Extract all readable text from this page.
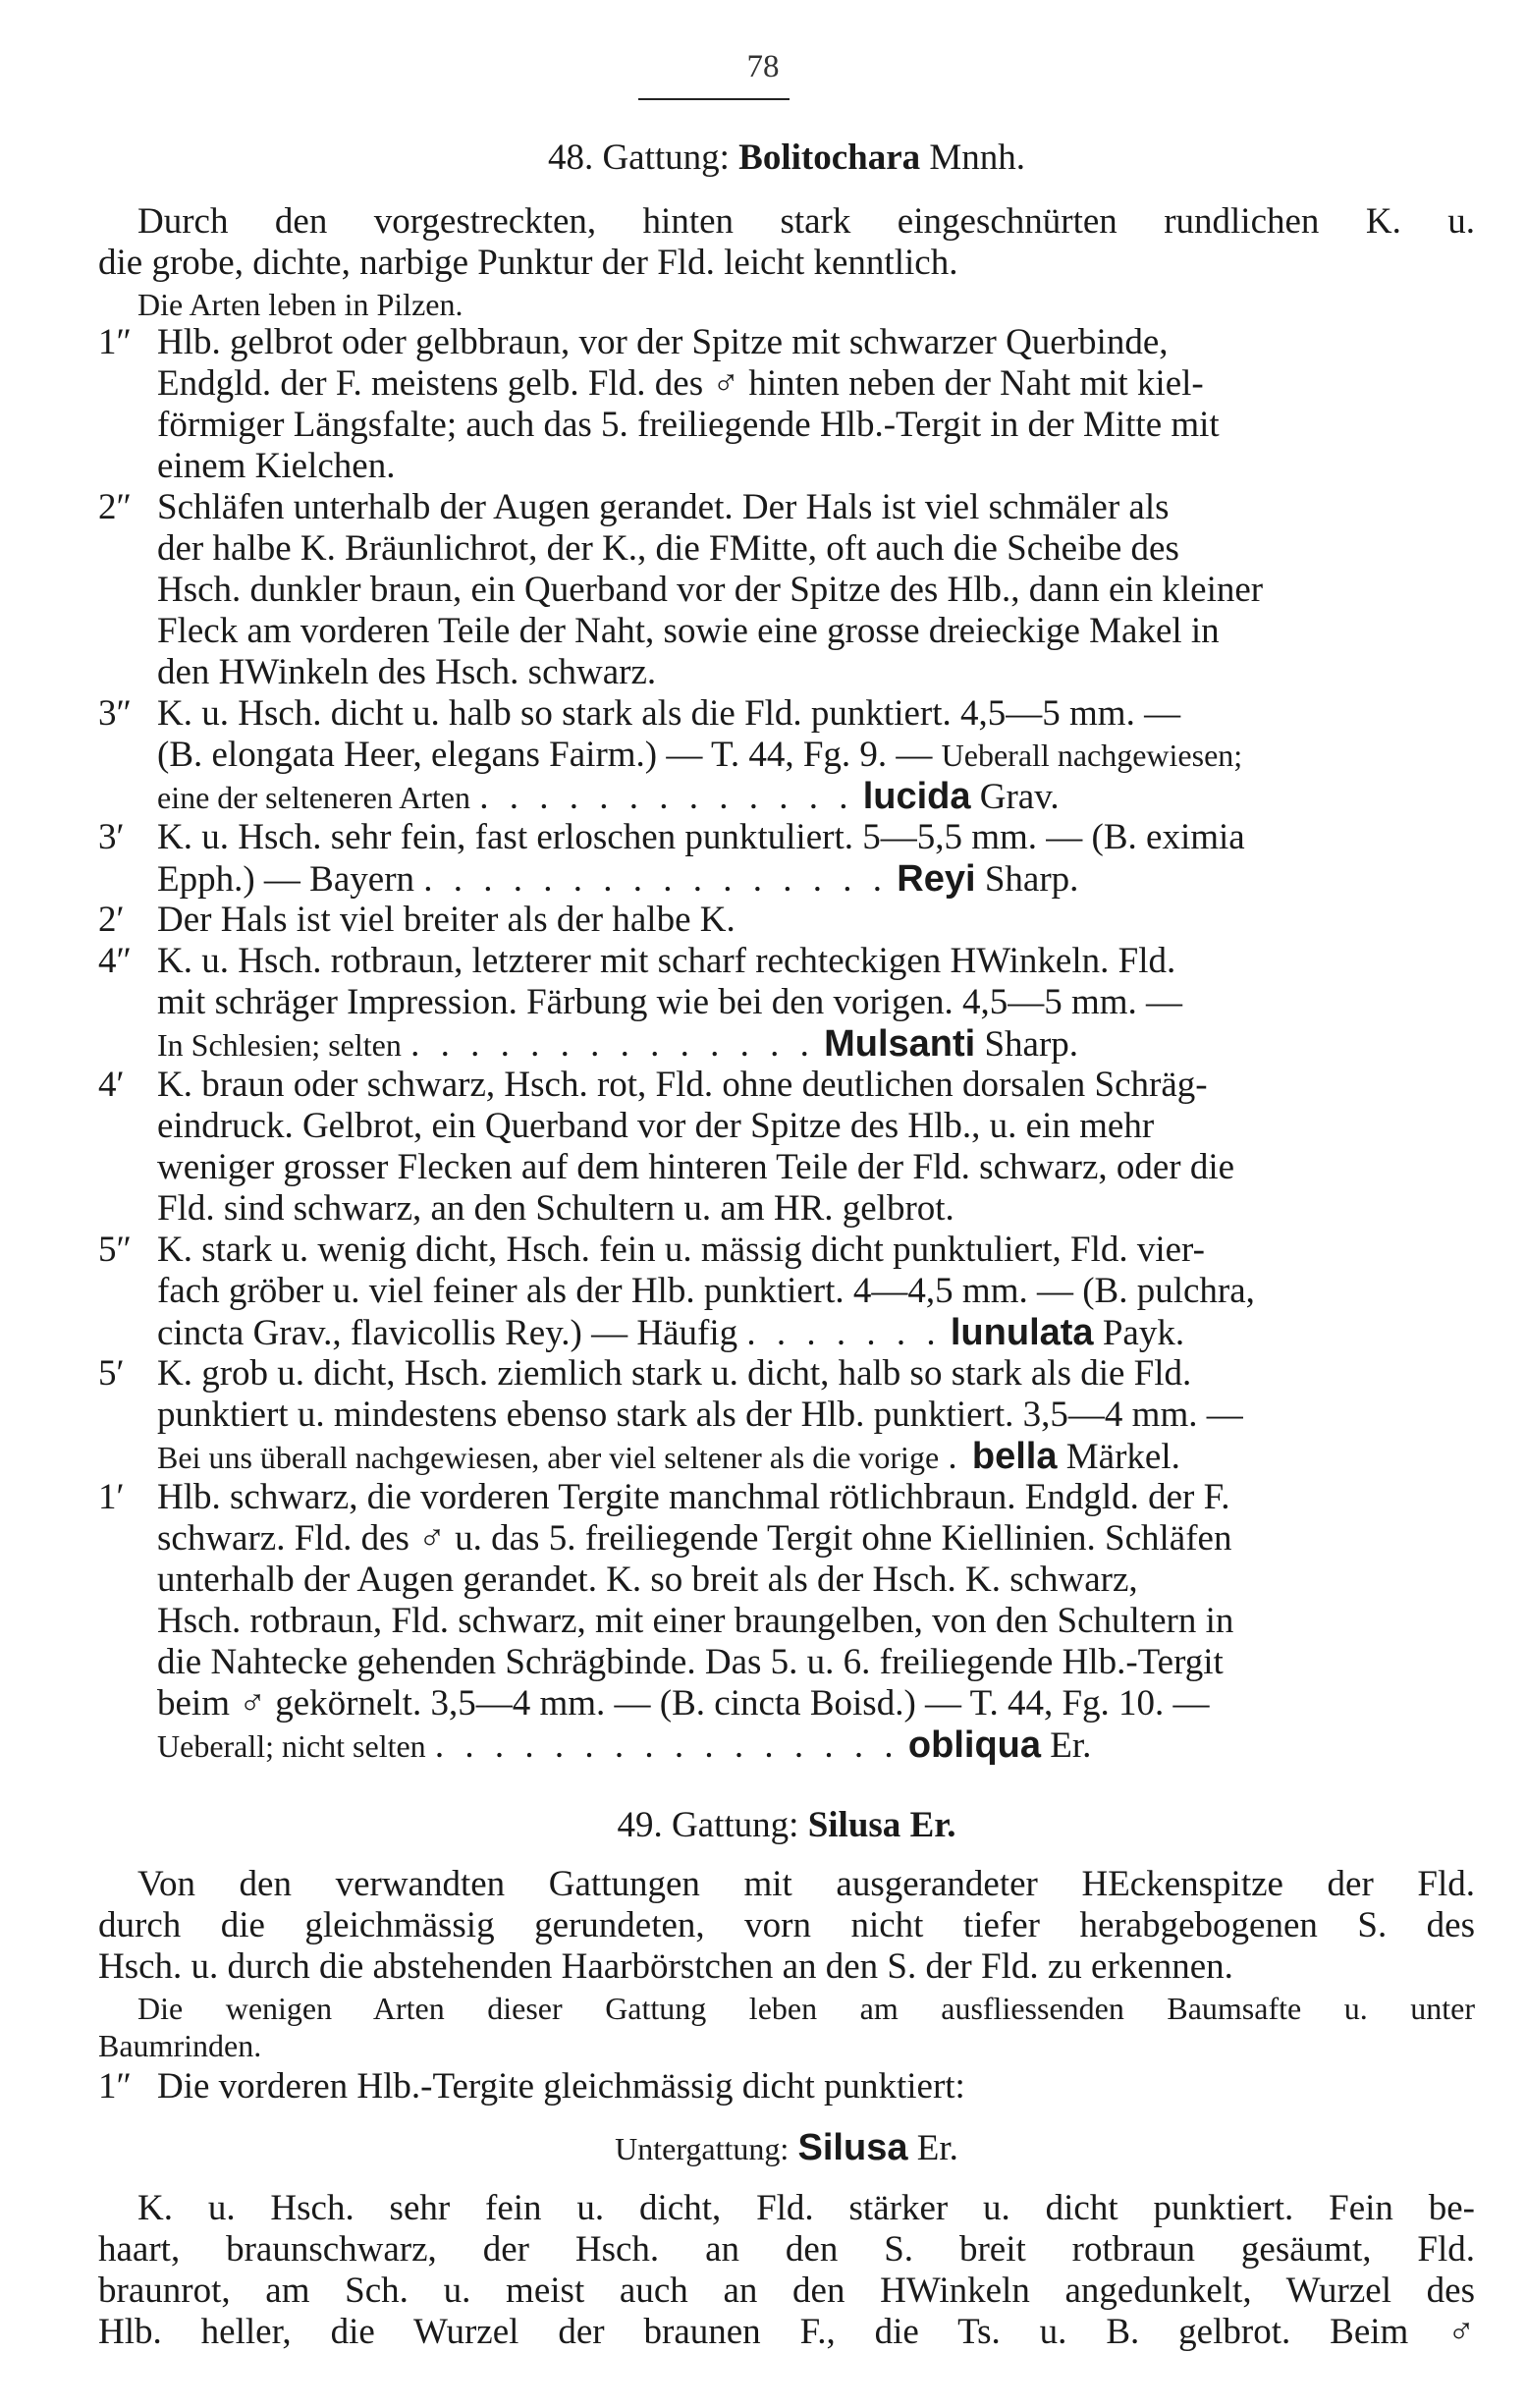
78
48. Gattung: Bolitochara Mnnh.
Durch den vorgestreckten, hinten stark eingeschnürten rundlichen K. u.
die grobe, dichte, narbige Punktur der Fld. leicht kenntlich.
Die Arten leben in Pilzen.
1″ Hlb. gelbrot oder gelbbraun, vor der Spitze mit schwarzer Querbinde,
Endgld. der F. meistens gelb. Fld. des ♂ hinten neben der Naht mit kiel-
förmiger Längsfalte; auch das 5. freiliegende Hlb.-Tergit in der Mitte mit
einem Kielchen.
2″ Schläfen unterhalb der Augen gerandet. Der Hals ist viel schmäler als
der halbe K. Bräunlichrot, der K., die FMitte, oft auch die Scheibe des
Hsch. dunkler braun, ein Querband vor der Spitze des Hlb., dann ein kleiner
Fleck am vorderen Teile der Naht, sowie eine grosse dreieckige Makel in
den HWinkeln des Hsch. schwarz.
3″ K. u. Hsch. dicht u. halb so stark als die Fld. punktiert. 4,5—5 mm. —
(B. elongata Heer, elegans Fairm.) — T. 44, Fg. 9. — Ueberall nachgewiesen;
eine der selteneren Arten . . . . . . . . . . . . . lucida Grav.
3′ K. u. Hsch. sehr fein, fast erloschen punktuliert. 5—5,5 mm. — (B. eximia
Epph.) — Bayern . . . . . . . . . . . . . . . . Reyi Sharp.
2′ Der Hals ist viel breiter als der halbe K.
4″ K. u. Hsch. rotbraun, letzterer mit scharf rechteckigen HWinkeln. Fld.
mit schräger Impression. Färbung wie bei den vorigen. 4,5—5 mm. —
In Schlesien; selten . . . . . . . . . . . . . . Mulsanti Sharp.
4′ K. braun oder schwarz, Hsch. rot, Fld. ohne deutlichen dorsalen Schräg-
eindruck. Gelbrot, ein Querband vor der Spitze des Hlb., u. ein mehr
weniger grosser Flecken auf dem hinteren Teile der Fld. schwarz, oder die
Fld. sind schwarz, an den Schultern u. am HR. gelbrot.
5″ K. stark u. wenig dicht, Hsch. fein u. mässig dicht punktuliert, Fld. vier-
fach gröber u. viel feiner als der Hlb. punktiert. 4—4,5 mm. — (B. pulchra,
cincta Grav., flavicollis Rey.) — Häufig . . . . . . . lunulata Payk.
5′ K. grob u. dicht, Hsch. ziemlich stark u. dicht, halb so stark als die Fld.
punktiert u. mindestens ebenso stark als der Hlb. punktiert. 3,5—4 mm. —
Bei uns überall nachgewiesen, aber viel seltener als die vorige . bella Märkel.
1′ Hlb. schwarz, die vorderen Tergite manchmal rötlichbraun. Endgld. der F.
schwarz. Fld. des ♂ u. das 5. freiliegende Tergit ohne Kiellinien. Schläfen
unterhalb der Augen gerandet. K. so breit als der Hsch. K. schwarz,
Hsch. rotbraun, Fld. schwarz, mit einer braungelben, von den Schultern in
die Nahtecke gehenden Schrägbinde. Das 5. u. 6. freiliegende Hlb.-Tergit
beim ♂ gekörnelt. 3,5—4 mm. — (B. cincta Boisd.) — T. 44, Fg. 10. —
Ueberall; nicht selten . . . . . . . . . . . . . . . . obliqua Er.
49. Gattung: Silusa Er.
Von den verwandten Gattungen mit ausgerandeter HEckenspitze der Fld.
durch die gleichmässig gerundeten, vorn nicht tiefer herabgebogenen S. des
Hsch. u. durch die abstehenden Haarbörstchen an den S. der Fld. zu erkennen.
Die wenigen Arten dieser Gattung leben am ausfliessenden Baumsafte u. unter
Baumrinden.
1″ Die vorderen Hlb.-Tergite gleichmässig dicht punktiert:
Untergattung: Silusa Er.
K. u. Hsch. sehr fein u. dicht, Fld. stärker u. dicht punktiert. Fein be-
haart, braunschwarz, der Hsch. an den S. breit rotbraun gesäumt, Fld.
braunrot, am Sch. u. meist auch an den HWinkeln angedunkelt, Wurzel des
Hlb. heller, die Wurzel der braunen F., die Ts. u. B. gelbrot. Beim ♂
